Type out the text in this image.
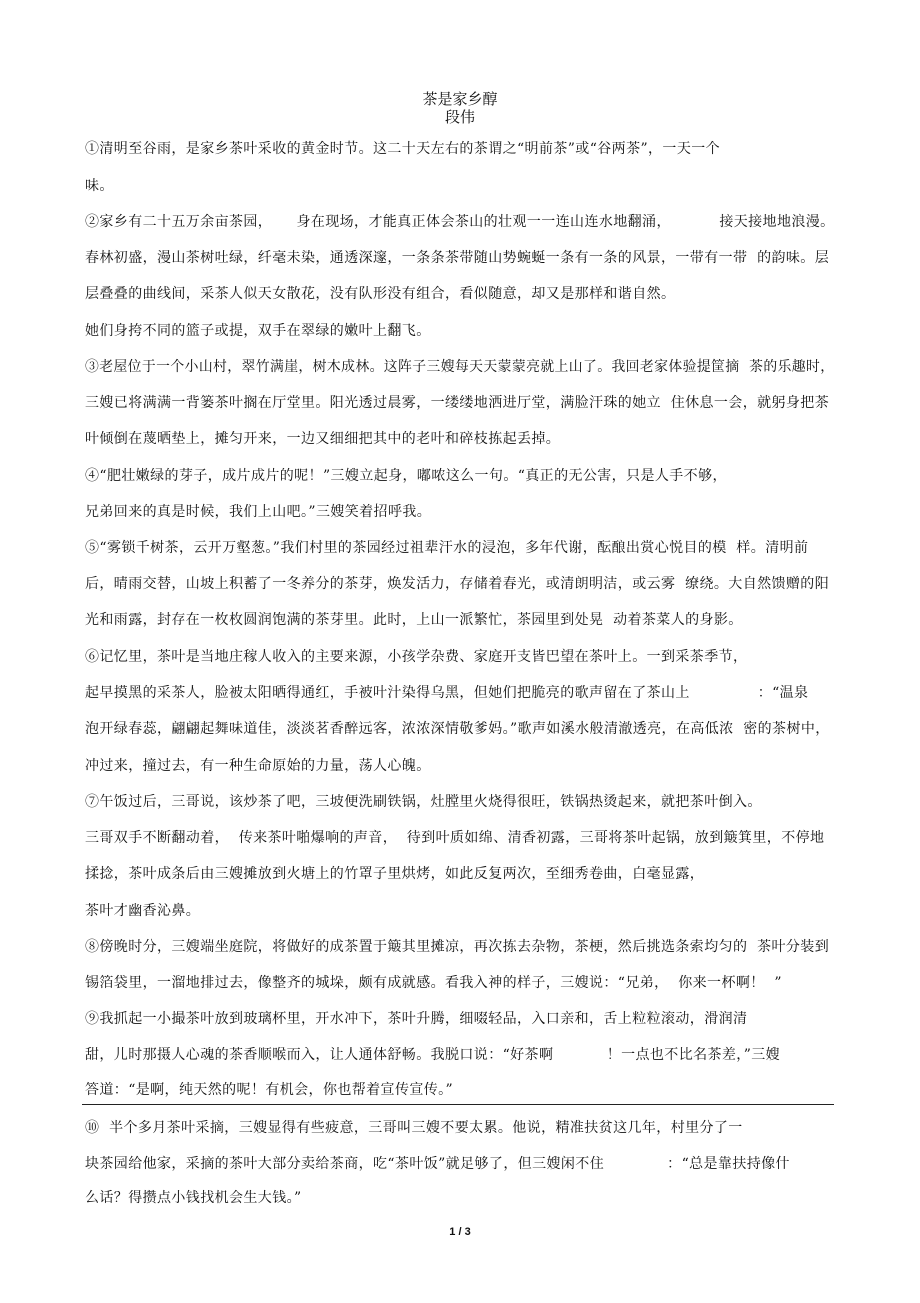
茶是家乡醇
段伟
①清明至谷雨，是家乡茶叶采收的黄金时节。这二十天左右的茶谓之“明前茶”或“谷两茶”，一天一个
味。
②家乡有二十五万余亩茶园，     身在现场，才能真正体会茶山的壮观一一连山连水地翻涌，          接天接地地浪漫。
春林初盛，漫山茶树吐绿，纤毫未染，通透深邃，一条条茶带随山势蜿蜒一条有一条的风景，一带有一带  的韵味。层
层叠叠的曲线间，采茶人似天女散花，没有队形没有组合，看似随意，却又是那样和谐自然。
她们身挎不同的篮子或提，双手在翠绿的嫩叶上翻飞。
③老屋位于一个小山村，翠竹满崖，树木成林。这阵子三嫂每天天蒙蒙亮就上山了。我回老家体验提筐摘  茶的乐趣时，
三嫂已将满满一背篓茶叶搁在厅堂里。阳光透过晨雾，一缕缕地洒进厅堂，满脸汗珠的她立  住休息一会，就躬身把茶
叶倾倒在蔑晒垫上，摊匀开来，一边又细细把其中的老叶和碎枝拣起丢掉。
④“肥壮嫩绿的芽子，成片成片的呢！”三嫂立起身，嘟哝这么一句。“真正的无公害，只是人手不够，
兄弟回来的真是时候，我们上山吧。”三嫂笑着招呼我。
⑤“雾锁千树茶，云开万壑葱。”我们村里的茶园经过祖辈汗水的浸泡，多年代谢，酝酿出赏心悦目的模  样。清明前
后，晴雨交替，山坡上积蓄了一冬养分的茶芽，焕发活力，存储着春光，或清朗明洁，或云雾  缭绕。大自然馈赠的阳
光和雨露，封存在一枚枚圆润饱满的茶芽里。此时，上山一派繁忙，茶园里到处晃  动着茶菜人的身影。
⑥记忆里，茶叶是当地庄稼人收入的主要来源，小孩学杂费、家庭开支皆巴望在茶叶上。一到采茶季节，
起早摸黑的采茶人，脸被太阳晒得通红，手被叶汁染得乌黑，但她们把脆亮的歌声留在了茶山上              ：“温泉
泡开绿春蕊，翩翩起舞味道佳，淡淡茗香醉远客，浓浓深情敬爹妈。”歌声如溪水般清澈透亮，在高低浓  密的茶树中，
冲过来，撞过去，有一种生命原始的力量，荡人心魄。
⑦午饭过后，三哥说，该炒茶了吧，三坡便洗刷铁锅，灶膛里火烧得很旺，铁锅热烫起来，就把茶叶倒入。
三哥双手不断翻动着，  传来茶叶啪爆响的声音，  待到叶质如绵、清香初露，三哥将茶叶起锅，放到簸箕里，不停地
揉捻，茶叶成条后由三嫂摊放到火塘上的竹罩子里烘烤，如此反复两次，至细秀卷曲，白毫显露，
茶叶才幽香沁鼻。
⑧傍晚时分，三嫂端坐庭院，将做好的成茶置于簸其里摊凉，再次拣去杂物，茶梗，然后挑选条索均匀的  茶叶分装到
锡箔袋里，一溜地排过去，像整齐的城垛，颇有成就感。看我入神的样子，三嫂说：“兄弟，  你来一杯啊！  ”
⑨我抓起一小撮茶叶放到玻璃杯里，开水冲下，茶叶升腾，细啜轻品，入口亲和，舌上粒粒滚动，滑润清
甜，儿时那摄人心魂的茶香顺喉而入，让人通体舒畅。我脱口说：“好茶啊           ！一点也不比名茶差，”三嫂
答道：“是啊，纯天然的呢！有机会，你也帮着宣传宣传。”
⑩  半个多月茶叶采摘，三嫂显得有些疲意，三哥叫三嫂不要太累。他说，精准扶贫这几年，村里分了一
块茶园给他家，采摘的茶叶大部分卖给茶商，吃“茶叶饭”就足够了，但三嫂闲不住             ：“总是靠扶持像什
么话？得攒点小钱找机会生大钱。”
1 / 3
